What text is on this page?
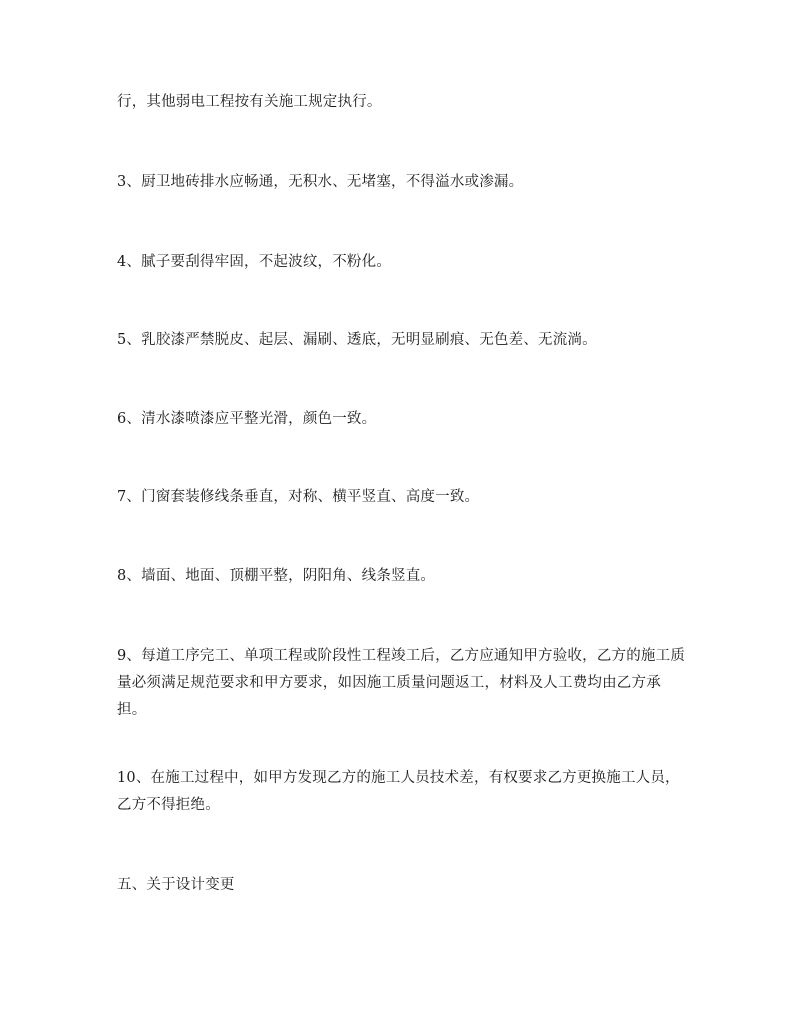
行，其他弱电工程按有关施工规定执行。

3、厨卫地砖排水应畅通，无积水、无堵塞，不得溢水或渗漏。

4、腻子要刮得牢固，不起波纹，不粉化。

5、乳胶漆严禁脱皮、起层、漏刷、透底，无明显刷痕、无色差、无流淌。

6、清水漆喷漆应平整光滑，颜色一致。

7、门窗套装修线条垂直，对称、横平竖直、高度一致。

8、墙面、地面、顶棚平整，阴阳角、线条竖直。

9、每道工序完工、单项工程或阶段性工程竣工后，乙方应通知甲方验收，乙方的施工质量必须满足规范要求和甲方要求，如因施工质量问题返工，材料及人工费均由乙方承担。

10、在施工过程中，如甲方发现乙方的施工人员技术差，有权要求乙方更换施工人员，乙方不得拒绝。

五、关于设计变更
